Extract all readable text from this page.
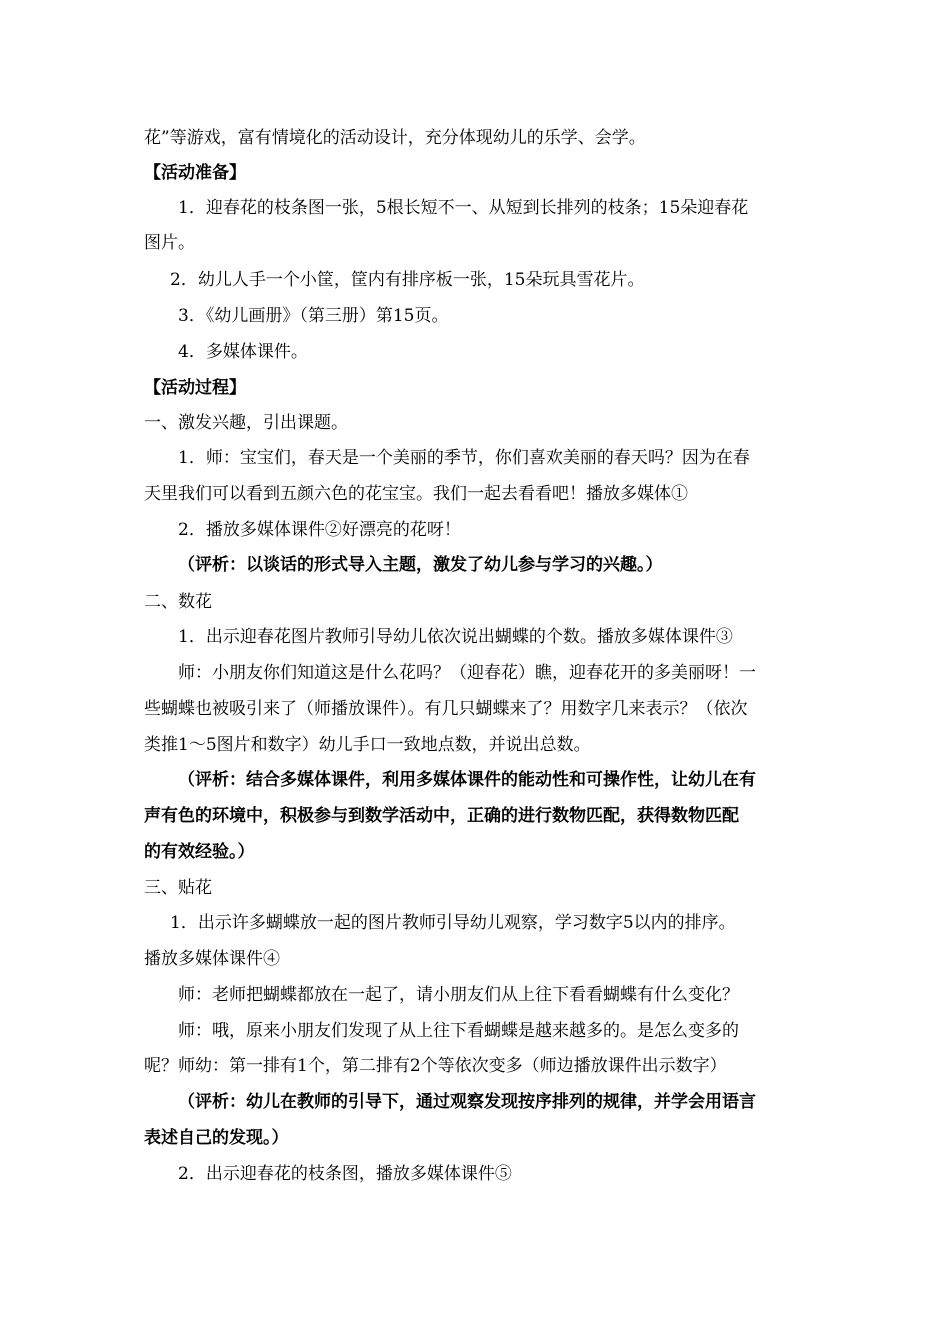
花”等游戏，富有情境化的活动设计，充分体现幼儿的乐学、会学。
【活动准备】
1．迎春花的枝条图一张，5根长短不一、从短到长排列的枝条；15朵迎春花
图片。
2．幼儿人手一个小筐，筐内有排序板一张，15朵玩具雪花片。
3．《幼儿画册》（第三册）第15页。
4．多媒体课件。
【活动过程】
一、激发兴趣，引出课题。
1．师：宝宝们，春天是一个美丽的季节，你们喜欢美丽的春天吗？因为在春
天里我们可以看到五颜六色的花宝宝。我们一起去看看吧！播放多媒体①
2．播放多媒体课件②好漂亮的花呀！
（评析：以谈话的形式导入主题，激发了幼儿参与学习的兴趣。）
二、数花
1．出示迎春花图片教师引导幼儿依次说出蝴蝶的个数。播放多媒体课件③
师：小朋友你们知道这是什么花吗？（迎春花）瞧，迎春花开的多美丽呀！一
些蝴蝶也被吸引来了（师播放课件）。有几只蝴蝶来了？用数字几来表示？（依次
类推1～5图片和数字）幼儿手口一致地点数，并说出总数。
（评析：结合多媒体课件，利用多媒体课件的能动性和可操作性，让幼儿在有
声有色的环境中，积极参与到数学活动中，正确的进行数物匹配，获得数物匹配
的有效经验。）
三、贴花
1．出示许多蝴蝶放一起的图片教师引导幼儿观察，学习数字5以内的排序。
播放多媒体课件④
师：老师把蝴蝶都放在一起了，请小朋友们从上往下看看蝴蝶有什么变化？
师：哦，原来小朋友们发现了从上往下看蝴蝶是越来越多的。是怎么变多的
呢？师幼：第一排有1个，第二排有2个等依次变多（师边播放课件出示数字）
（评析：幼儿在教师的引导下，通过观察发现按序排列的规律，并学会用语言
表述自己的发现。）
2．出示迎春花的枝条图，播放多媒体课件⑤
